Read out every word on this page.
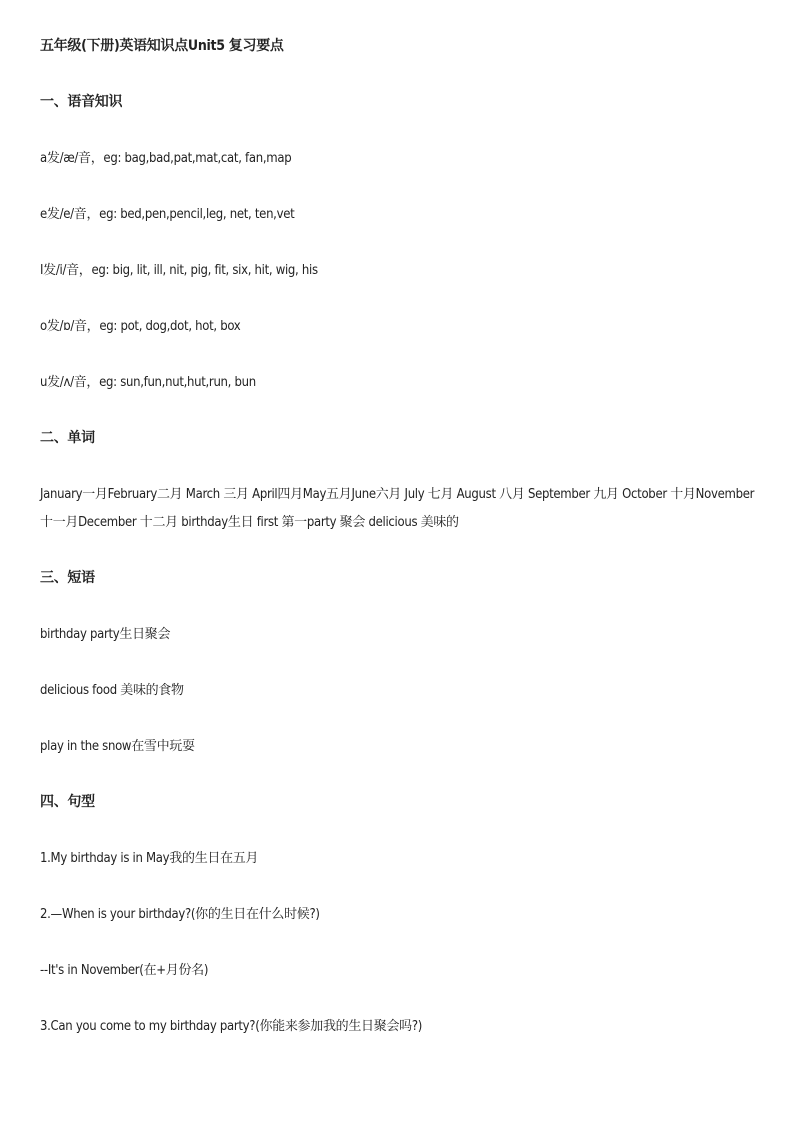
五年级(下册)英语知识点Unit5 复习要点
一、语音知识
a发/æ/音，eg: bag,bad,pat,mat,cat, fan,map
e发/e/音，eg: bed,pen,pencil,leg, net, ten,vet
I发/i/音，eg: big, lit, ill, nit, pig, fit, six, hit, wig, his
o发/ɒ/音，eg: pot, dog,dot, hot, box
u发/ʌ/音，eg: sun,fun,nut,hut,run, bun
二、单词
January一月February二月 March 三月 April四月May五月June六月 July 七月 August 八月 September 九月 October 十月November十一月December 十二月 birthday生日 first 第一party 聚会 delicious 美味的
三、短语
birthday party生日聚会
delicious food 美味的食物
play in the snow在雪中玩耍
四、句型
1.My birthday is in May我的生日在五月
2.—When is your birthday?(你的生日在什么时候?)
--It's in November(在+月份名)
3.Can you come to my birthday party?(你能来参加我的生日聚会吗?)
